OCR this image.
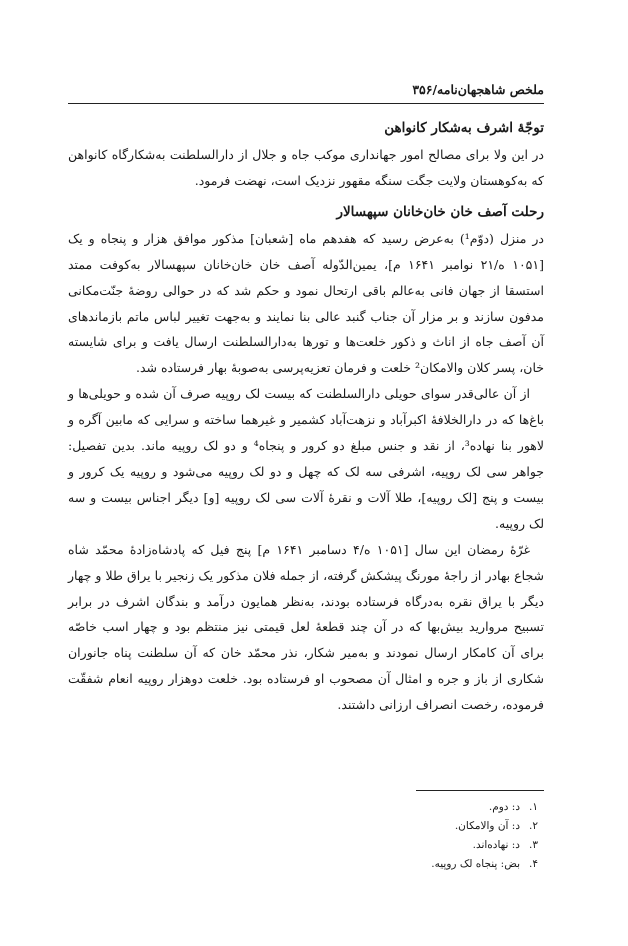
ملخص شاهجهان‌نامه/۳۵۶
توجّهٔ اشرف به‌شکار کانواهن

در این ولا برای مصالح امور جهانداری موکب جاه و جلال از دارالسلطنت به‌شکارگاه کانواهن که به‌کوهستان ولایت جگت سنگه مقهور نزدیک است، نهضت فرمود.

رحلت آصف خان خان‌خانان سپهسالار

در منزل (دوّم¹) به‌عرض رسید که هفدهم ماه [شعبان] مذکور موافق هزار و پنجاه و یک [۱۰۵۱ ه/۲۱ نوامبر ۱۶۴۱ م]، یمین‌الدّوله آصف خان خان‌خانان سپهسالار به‌کوفت ممتد استسقا از جهان فانی به‌عالم باقی ارتحال نمود و حکم شد که در حوالی روضهٔ جنّت‌مکانی مدفون سازند و بر مزار آن جناب گنبد عالی بنا نمایند و به‌جهت تغییر لباس ماتم بازماندهای آن آصف جاه از اناث و ذکور خلعت‌ها و تورها به‌دارالسلطنت ارسال یافت و برای شایسته خان، پسر کلان والامکان² خلعت و فرمان تعزیه‌پرسی به‌صوبهٔ بهار فرستاده شد.

از آن عالی‌قدر سوای حویلی دارالسلطنت که بیست لک روپیه صرف آن شده و حویلی‌ها و باغ‌ها که در دارالخلافهٔ اکبرآباد و نزهت‌آباد کشمیر و غیرهما ساخته و سرایی که مابین آگره و لاهور بنا نهاده³، از نقد و جنس مبلغ دو کرور و پنجاه⁴ و دو لک روپیه ماند. بدین تفصیل: جواهر سی لک روپیه، اشرفی سه لک که چهل و دو لک روپیه می‌شود و روپیه یک کرور و بیست و پنج [لک روپیه]، طلا آلات و نقرهٔ آلات سی لک روپیه [و] دیگر اجناس بیست و سه لک روپیه.

غرّهٔ رمضان این سال [۱۰۵۱ ه/۴ دسامبر ۱۶۴۱ م] پنج فیل که پادشاه‌زادهٔ محمّد شاه شجاع بهادر از راجهٔ مورنگ پیشکش گرفته، از جمله فلان مذکور یک زنجیر با یراق طلا و چهار دیگر با یراق نقره به‌درگاه فرستاده بودند، به‌نظر همایون درآمد و بندگان اشرف در برابر تسبیح مروارید بیش‌بها که در آن چند قطعهٔ لعل قیمتی نیز منتظم بود و چهار اسب خاصّه برای آن کامکار ارسال نمودند و به‌میر شکار، نذر محمّد خان که آن سلطنت پناه جانوران شکاری از باز و جره و امثال آن مصحوب او فرستاده بود. خلعت دوهزار روپیه انعام شفقّت فرموده، رخصت انصراف ارزانی داشتند.

۱.
د: دوم.
۲.
د: آن والامکان.
۳.
د: نهاده‌اند.
۴.
بض: پنجاه لک روپیه.
